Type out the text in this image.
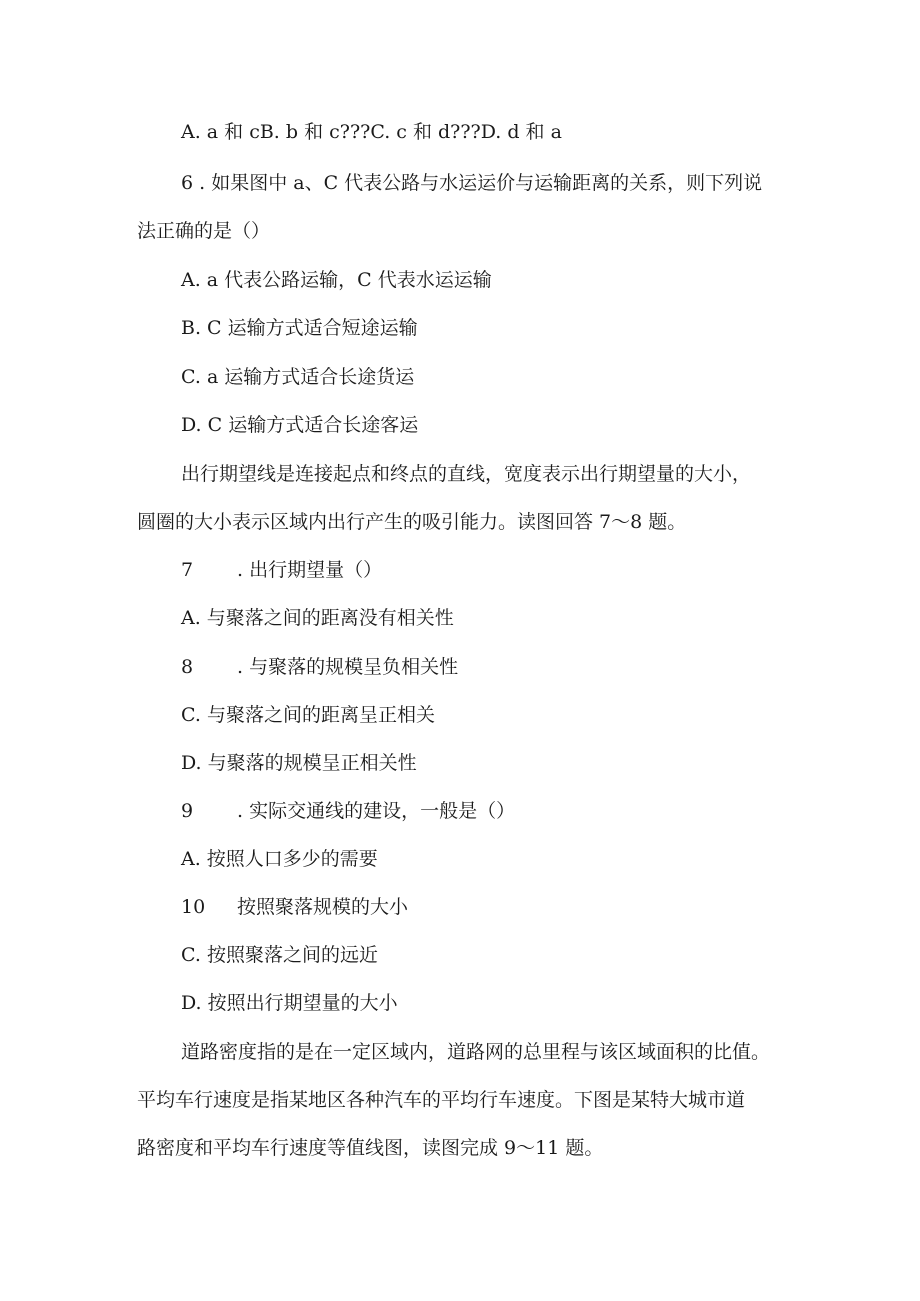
A. a 和 cB. b 和 c???C. c 和 d???D. d 和 a
6 . 如果图中 a、C 代表公路与水运运价与运输距离的关系，则下列说
法正确的是（）
A. a 代表公路运输，C 代表水运运输
B. C 运输方式适合短途运输
C. a 运输方式适合长途货运
D. C 运输方式适合长途客运
出行期望线是连接起点和终点的直线，宽度表示出行期望量的大小，
圆圈的大小表示区域内出行产生的吸引能力。读图回答 7～8 题。
7 . 出行期望量（）
A. 与聚落之间的距离没有相关性
8 . 与聚落的规模呈负相关性
C. 与聚落之间的距离呈正相关
D. 与聚落的规模呈正相关性
9 . 实际交通线的建设，一般是（）
A. 按照人口多少的需要
10 按照聚落规模的大小
C. 按照聚落之间的远近
D. 按照出行期望量的大小
道路密度指的是在一定区域内，道路网的总里程与该区域面积的比值。
平均车行速度是指某地区各种汽车的平均行车速度。下图是某特大城市道
路密度和平均车行速度等值线图，读图完成 9～11 题。
